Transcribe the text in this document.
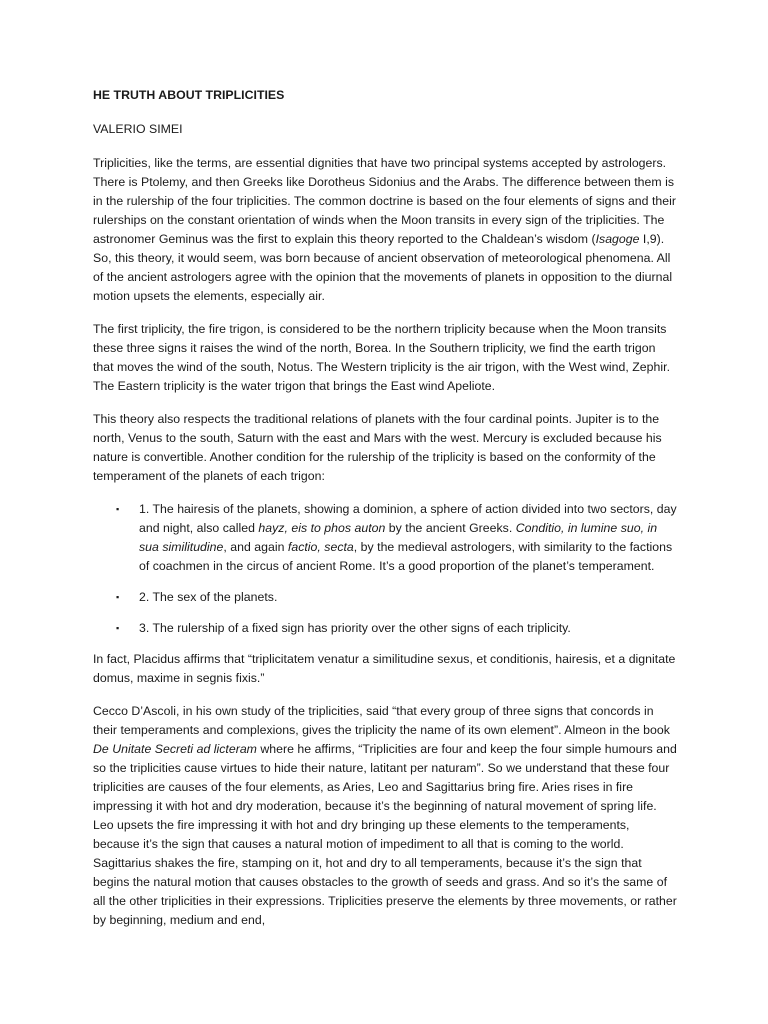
HE TRUTH ABOUT TRIPLICITIES
VALERIO SIMEI

Triplicities, like the terms, are essential dignities that have two principal systems accepted by astrologers. There is Ptolemy, and then Greeks like Dorotheus Sidonius and the Arabs. The difference between them is in the rulership of the four triplicities. The common doctrine is based on the four elements of signs and their rulerships on the constant orientation of winds when the Moon transits in every sign of the triplicities. The astronomer Geminus was the first to explain this theory reported to the Chaldean’s wisdom (Isagoge I,9). So, this theory, it would seem, was born because of ancient observation of meteorological phenomena. All of the ancient astrologers agree with the opinion that the movements of planets in opposition to the diurnal motion upsets the elements, especially air.

The first triplicity, the fire trigon, is considered to be the northern triplicity because when the Moon transits these three signs it raises the wind of the north, Borea. In the Southern triplicity, we find the earth trigon that moves the wind of the south, Notus. The Western triplicity is the air trigon, with the West wind, Zephir. The Eastern triplicity is the water trigon that brings the East wind Apeliote.

This theory also respects the traditional relations of planets with the four cardinal points. Jupiter is to the north, Venus to the south, Saturn with the east and Mars with the west. Mercury is excluded because his nature is convertible. Another condition for the rulership of the triplicity is based on the conformity of the temperament of the planets of each trigon:

▪ 1. The hairesis of the planets, showing a dominion, a sphere of action divided into two sectors, day and night, also called hayz, eis to phos auton by the ancient Greeks. Conditio, in lumine suo, in sua similitudine, and again factio, secta, by the medieval astrologers, with similarity to the factions of coachmen in the circus of ancient Rome. It’s a good proportion of the planet’s temperament.
▪ 2. The sex of the planets.
▪ 3. The rulership of a fixed sign has priority over the other signs of each triplicity.

In fact, Placidus affirms that “triplicitatem venatur a similitudine sexus, et conditionis, hairesis, et a dignitate domus, maxime in segnis fixis.”

Cecco D’Ascoli, in his own study of the triplicities, said “that every group of three signs that concords in their temperaments and complexions, gives the triplicity the name of its own element”. Almeon in the book De Unitate Secreti ad licteram where he affirms, “Triplicities are four and keep the four simple humours and so the triplicities cause virtues to hide their nature, latitant per naturam”. So we understand that these four triplicities are causes of the four elements, as Aries, Leo and Sagittarius bring fire. Aries rises in fire impressing it with hot and dry moderation, because it’s the beginning of natural movement of spring life. Leo upsets the fire impressing it with hot and dry bringing up these elements to the temperaments, because it’s the sign that causes a natural motion of impediment to all that is coming to the world. Sagittarius shakes the fire, stamping on it, hot and dry to all temperaments, because it’s the sign that begins the natural motion that causes obstacles to the growth of seeds and grass. And so it’s the same of all the other triplicities in their expressions. Triplicities preserve the elements by three movements, or rather by beginning, medium and end,
